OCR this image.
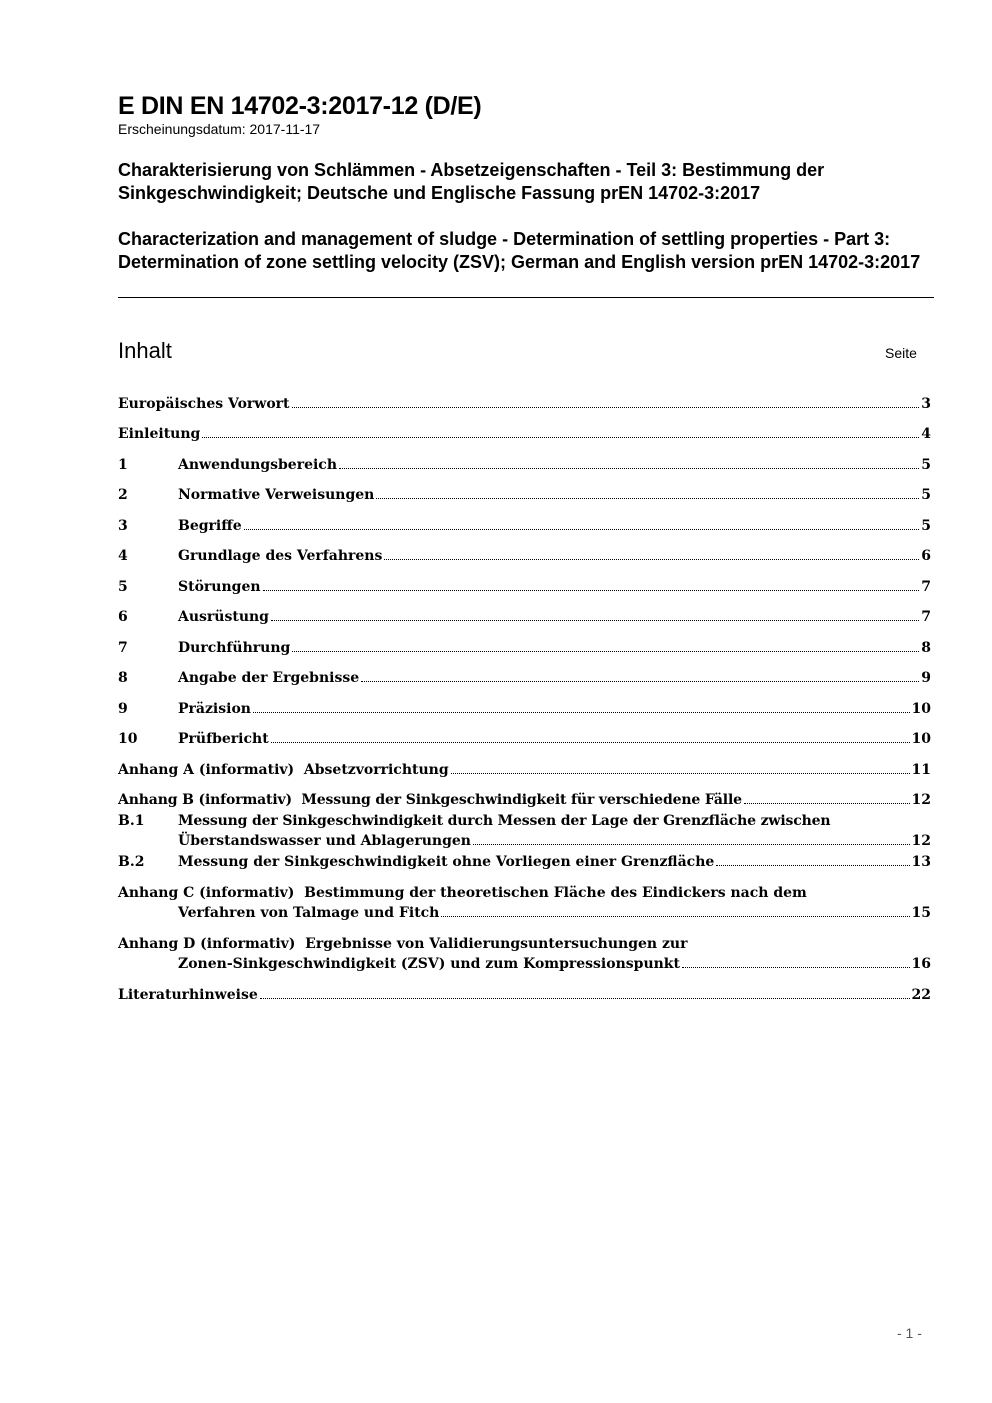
E DIN EN 14702-3:2017-12 (D/E)
Erscheinungsdatum: 2017-11-17
Charakterisierung von Schlämmen - Absetzeigenschaften - Teil 3: Bestimmung der Sinkgeschwindigkeit; Deutsche und Englische Fassung prEN 14702-3:2017
Characterization and management of sludge - Determination of settling properties - Part 3: Determination of zone settling velocity (ZSV); German and English version prEN 14702-3:2017
Inhalt	Seite
Europäisches Vorwort	3
Einleitung	4
1	Anwendungsbereich	5
2	Normative Verweisungen	5
3	Begriffe	5
4	Grundlage des Verfahrens	6
5	Störungen	7
6	Ausrüstung	7
7	Durchführung	8
8	Angabe der Ergebnisse	9
9	Präzision	10
10	Prüfbericht	10
Anhang A (informativ)  Absetzvorrichtung	11
Anhang B (informativ)  Messung der Sinkgeschwindigkeit für verschiedene Fälle	12
B.1	Messung der Sinkgeschwindigkeit durch Messen der Lage der Grenzfläche zwischen
Überstandswasser und Ablagerungen	12
B.2	Messung der Sinkgeschwindigkeit ohne Vorliegen einer Grenzfläche	13
Anhang C (informativ)  Bestimmung der theoretischen Fläche des Eindickers nach dem
Verfahren von Talmage und Fitch	15
Anhang D (informativ)  Ergebnisse von Validierungsuntersuchungen zur
Zonen-Sinkgeschwindigkeit (ZSV) und zum Kompressionspunkt	16
Literaturhinweise	22
- 1 -
